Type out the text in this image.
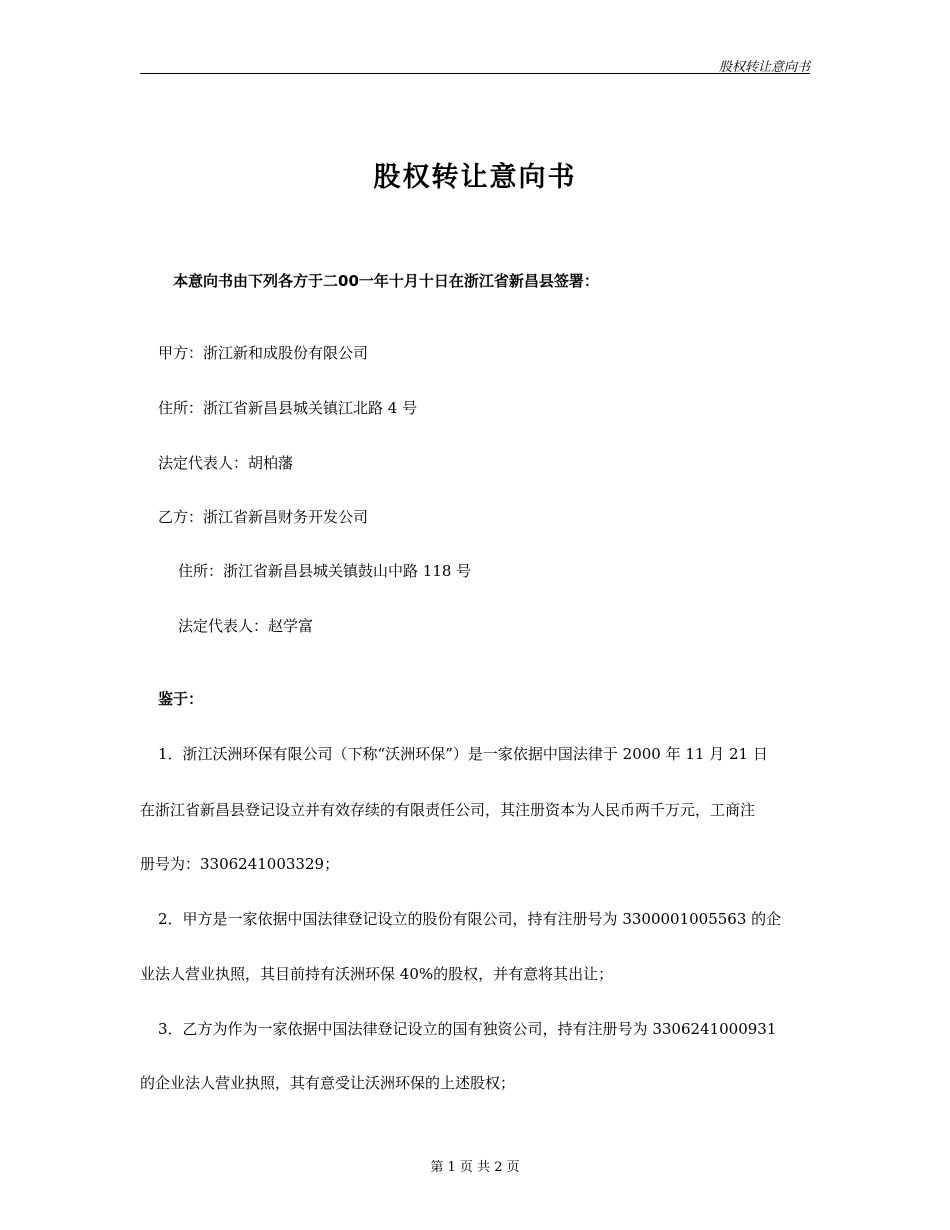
股权转让意向书
股权转让意向书
本意向书由下列各方于二00一年十月十日在浙江省新昌县签署：
甲方：浙江新和成股份有限公司
住所：浙江省新昌县城关镇江北路 4 号
法定代表人：胡柏藩
乙方：浙江省新昌财务开发公司
住所：浙江省新昌县城关镇鼓山中路 118 号
法定代表人：赵学富
鉴于：
1．浙江沃洲环保有限公司（下称“沃洲环保”）是一家依据中国法律于 2000 年 11 月 21 日
在浙江省新昌县登记设立并有效存续的有限责任公司，其注册资本为人民币两千万元，工商注
册号为：3306241003329；
2．甲方是一家依据中国法律登记设立的股份有限公司，持有注册号为 3300001005563 的企
业法人营业执照，其目前持有沃洲环保 40%的股权，并有意将其出让；
3．乙方为作为一家依据中国法律登记设立的国有独资公司，持有注册号为 3306241000931
的企业法人营业执照，其有意受让沃洲环保的上述股权；
第 1 页 共 2 页
